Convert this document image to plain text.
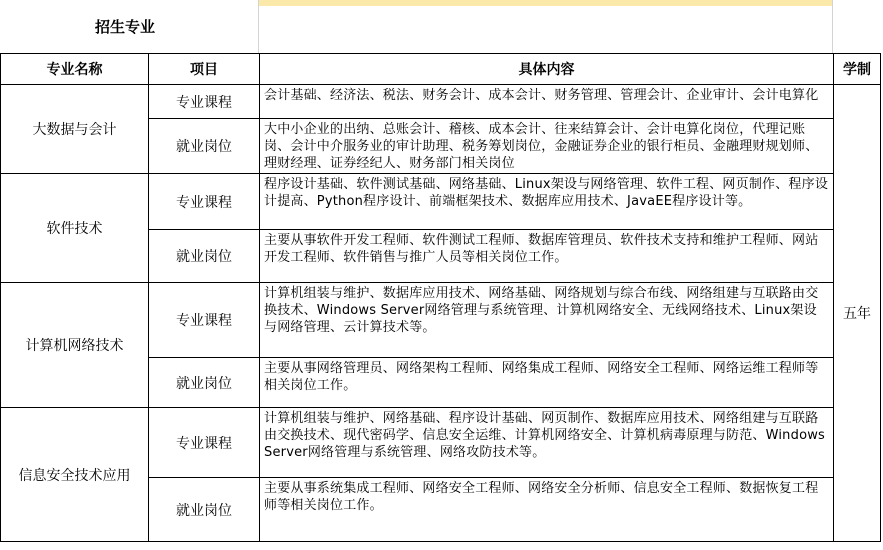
招生专业
专业名称	项目	具体内容	学制
大数据与会计	专业课程	会计基础、经济法、税法、财务会计、成本会计、财务管理、管理会计、企业审计、会计电算化	五年
	就业岗位	大中小企业的出纳、总账会计、稽核、成本会计、往来结算会计、会计电算化岗位，代理记账岗、会计中介服务业的审计助理、税务筹划岗位，金融证券企业的银行柜员、金融理财规划师、理财经理、证券经纪人、财务部门相关岗位	
软件技术	专业课程	程序设计基础、软件测试基础、网络基础、Linux架设与网络管理、软件工程、网页制作、程序设计提高、Python程序设计、前端框架技术、数据库应用技术、JavaEE程序设计等。	
	就业岗位	主要从事软件开发工程师、软件测试工程师、数据库管理员、软件技术支持和维护工程师、网站开发工程师、软件销售与推广人员等相关岗位工作。	
计算机网络技术	专业课程	计算机组装与维护、数据库应用技术、网络基础、网络规划与综合布线、网络组建与互联路由交换技术、Windows Server网络管理与系统管理、计算机网络安全、无线网络技术、Linux架设与网络管理、云计算技术等。	
	就业岗位	主要从事网络管理员、网络架构工程师、网络集成工程师、网络安全工程师、网络运维工程师等相关岗位工作。	
信息安全技术应用	专业课程	计算机组装与维护、网络基础、程序设计基础、网页制作、数据库应用技术、网络组建与互联路由交换技术、现代密码学、信息安全运维、计算机网络安全、计算机病毒原理与防范、Windows Server网络管理与系统管理、网络攻防技术等。	
	就业岗位	主要从事系统集成工程师、网络安全工程师、网络安全分析师、信息安全工程师、数据恢复工程师等相关岗位工作。	
